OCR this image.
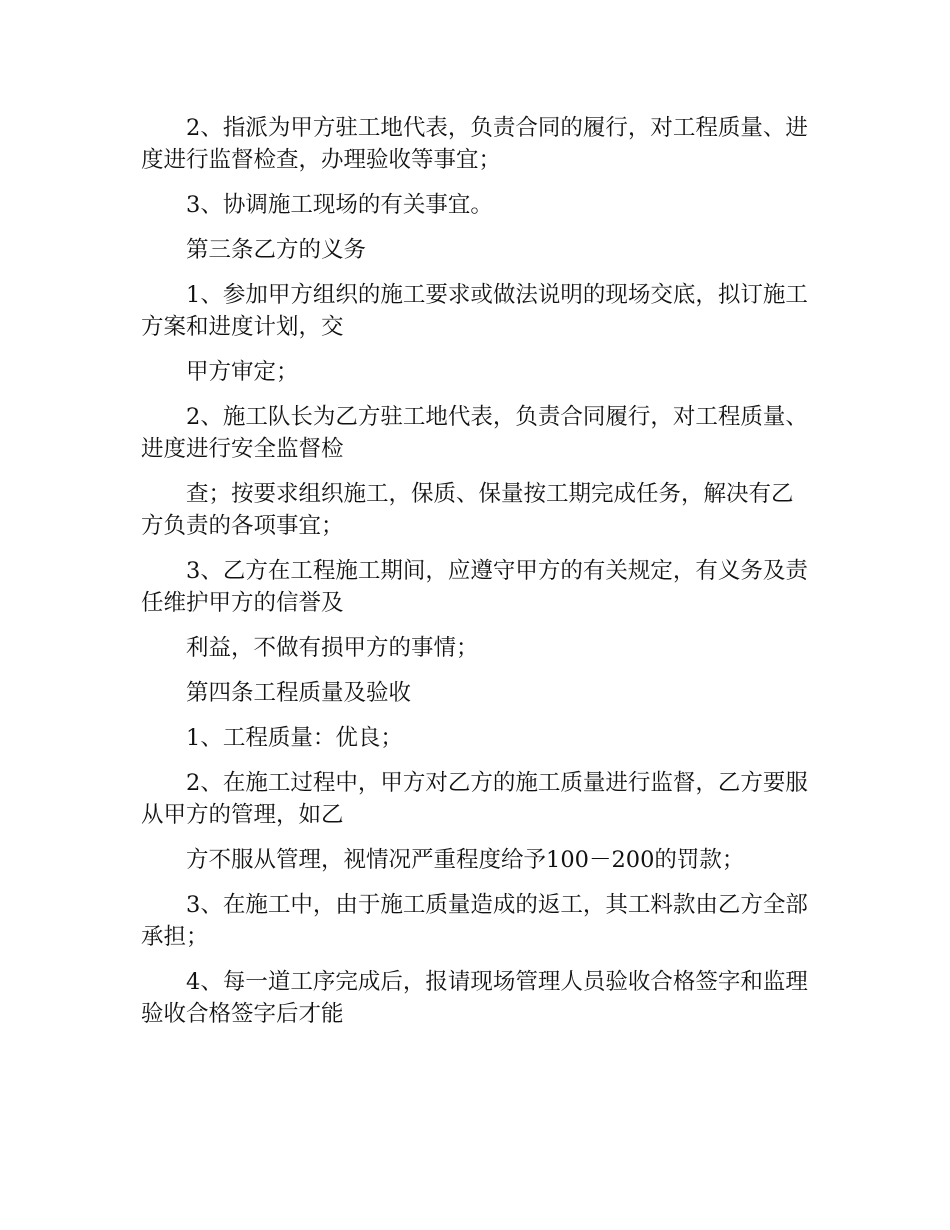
2、指派为甲方驻工地代表，负责合同的履行，对工程质量、进度进行监督检查，办理验收等事宜；

3、协调施工现场的有关事宜。

第三条乙方的义务

1、参加甲方组织的施工要求或做法说明的现场交底，拟订施工方案和进度计划，交

甲方审定；

2、施工队长为乙方驻工地代表，负责合同履行，对工程质量、进度进行安全监督检

查；按要求组织施工，保质、保量按工期完成任务，解决有乙方负责的各项事宜；

3、乙方在工程施工期间，应遵守甲方的有关规定，有义务及责任维护甲方的信誉及

利益，不做有损甲方的事情；

第四条工程质量及验收

1、工程质量：优良；

2、在施工过程中，甲方对乙方的施工质量进行监督，乙方要服从甲方的管理，如乙

方不服从管理，视情况严重程度给予100－200的罚款；

3、在施工中，由于施工质量造成的返工，其工料款由乙方全部承担；

4、每一道工序完成后，报请现场管理人员验收合格签字和监理验收合格签字后才能
